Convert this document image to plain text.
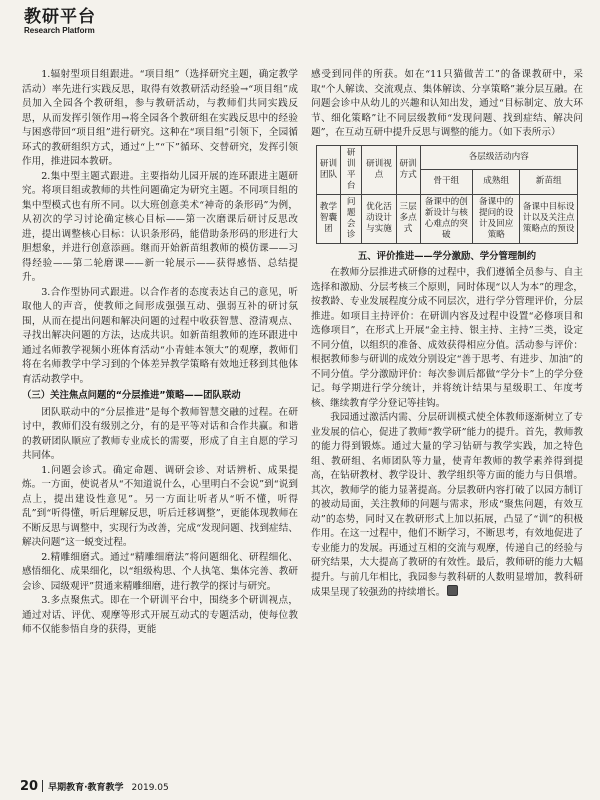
教研平台
Research Platform

1.辐射型项目组跟进。“项目组”（选择研究主题，确定教学活动）率先进行实践反思，取得有效教研活动经验→“项目组”成员加入全园各个教研组，参与教研活动，与教师们共同实践反思，从而发挥引领作用→将全园各个教研组在实践反思中的经验与困惑带回“项目组”进行研究。这种在“项目组”引领下，全园循环式的教研组织方式，通过“上”“下”循环、交替研究，发挥引领作用，推进园本教研。

2.集中型主题式跟进。主要指幼儿园开展的连环跟进主题研究。将项目组或教师的共性问题确定为研究主题。不同项目组的集中型模式也有所不同。以大班创意美术“神奇的条形码”为例，从初次的学习讨论确定核心目标——第一次磨课后研讨反思改进，提出调整核心目标：认识条形码，能借助条形码的形进行大胆想象，并进行创意添画。继而开始新苗组教师的模仿课——习得经验——第二轮磨课——新一轮展示——获得感悟、总结提升。

3.合作型协同式跟进。以合作者的态度表达自己的意见，听取他人的声音，使教师之间形成强强互动、强弱互补的研讨氛围，从而在提出问题和解决问题的过程中收获智慧、澄清观点、寻找出解决问题的方法，达成共识。如新苗组教师的连环跟进中通过名师教学视频小班体育活动“小青蛙本领大”的观摩，教师们将在名师教学中学习到的个体差异教学策略有效地迁移到其他体育活动教学中。

（三）关注焦点问题的“分层推进”策略——团队联动

团队联动中的“分层推进”是每个教师智慧交融的过程。在研讨中，教师们没有级别之分，有的是平等对话和合作共赢。和谐的教研团队顺应了教师专业成长的需要，形成了自主自愿的学习共同体。

1.问题会诊式。确定命题、调研会诊、对话辨析、成果提炼。一方面，使说者从“不知道说什么，心里明白不会说”到“说到点上，提出建设性意见”。另一方面让听者从“听不懂，听得乱”到“听得懂，听后理解反思，听后迁移调整”，更能体现教师在不断反思与调整中，实现行为改善，完成“发现问题、找到症结、解决问题”这一蜕变过程。

2.精雕细磨式。通过“精雕细磨法”将问题细化、研程细化、感悟细化、成果细化，以“组级构思、个人执笔、集体完善、教研会诊、园级观评”贯通来精雕细磨，进行教学的探讨与研究。

3.多点聚焦式。即在一个研训平台中，围绕多个研训视点，通过对话、评优、观摩等形式开展互动式的专题活动，使每位教师不仅能参悟自身的获得，更能

感受到同伴的所获。如在“11只猫做苦工”的备课教研中，采取“个人解读、交流观点、集体解读、分享策略”兼分层互融。在问题会诊中从幼儿的兴趣和认知出发，通过“目标制定、放大环节、细化策略”让不同层级教师“发现问题、找到症结、解决问题”，在互动互研中提升反思与调整的能力。（如下表所示）

研训团队	研训平台	研训视点	研训方式	各层级活动内容		
				骨干组	成熟组	新苗组
教学智囊团	问题会诊	优化活动设计与实施	三层多点式	备课中的创新设计与核心难点的突破	备课中的提问的设计及回应策略	备课中目标设计以及关注点策略点的预设

五、评价推进——学分激励、学分管理制约

在教师分层推进式研修的过程中，我们遵循全员参与、自主选择和激励、分层考核三个原则，同时体现“以人为本”的理念，按教龄、专业发展程度分成不同层次，进行学分管理评价，分层推进。如项目主持评价：在研训内容及过程中设置“必修项目和选修项目”，在形式上开展“金主持、银主持、主持”三类，设定不同分值，以组织的准备、成效获得相应分值。活动参与评价：根据教师参与研训的成效分别设定“善于思考、有进步、加油”的不同分值。学分激励评价：每次参训后都做“学分卡”上的学分登记。每学期进行学分统计，并将统计结果与星级职工、年度考核、继续教育学分登记等挂钩。

我园通过激活内需、分层研训模式使全体教师逐渐树立了专业发展的信心，促进了教师“教学研”能力的提升。首先，教师教的能力得到锻炼。通过大量的学习钻研与教学实践，加之特色组、教研组、名师团队等力量，使青年教师的教学素养得到提高，在钻研教材、教学设计、教学组织等方面的能力与日俱增。其次，教师学的能力显著提高。分层教研内容打破了以园方制订的被动局面，关注教师的问题与需求，形成“聚焦问题，有效互动”的态势，同时又在教研形式上加以拓展，凸显了“训”的积极作用。在这一过程中，他们不断学习，不断思考，有效地促进了专业能力的发展。再通过互相的交流与观摩，传递自己的经验与研究结果，大大提高了教研的有效性。最后，教师研的能力大幅提升。与前几年相比，我园参与教科研的人数明显增加，教科研成果呈现了较强劲的持续增长。

20 早期教育·教育教学 2019.05
